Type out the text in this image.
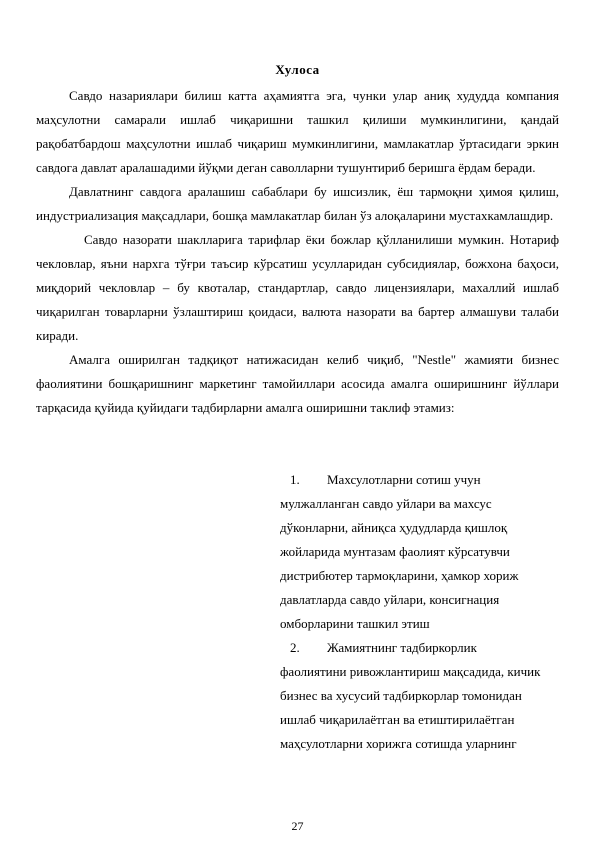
Хулоса

Савдо назариялари билиш катта аҳамиятга эга, чунки улар аниқ худудда компания маҳсулотни самарали ишлаб чиқаришни ташкил қилиши мумкинлигини, қандай рақобатбардош маҳсулотни ишлаб чиқариш мумкинлигини, мамлакатлар ўртасидаги эркин савдога давлат аралашадими йўқми деган саволларни тушунтириб беришга ёрдам беради.

Давлатнинг савдога аралашиш сабаблари бу ишсизлик, ёш тармоқни ҳимоя қилиш, индустриализация мақсадлари, бошқа мамлакатлар билан ўз алоқаларини мустахкамлашдир.

Савдо назорати шаклларига тарифлар ёки божлар қўлланилиши мумкин. Нотариф чекловлар, яъни нархга тўғри таъсир кўрсатиш усулларидан субсидиялар, божхона баҳоси, миқдорий чекловлар – бу квоталар, стандартлар, савдо лицензиялари, махаллий ишлаб чиқарилган товарларни ўзлаштириш қоидаси, валюта назорати ва бартер алмашуви талаби киради.

Амалга оширилган тадқиқот натижасидан келиб чиқиб, "Nestle" жамияти бизнес фаолиятини бошқаришнинг маркетинг тамойиллари асосида амалга оширишнинг йўллари тарқасида қуйида қуйидаги тадбирларни амалга оширишни таклиф этамиз:

1. Махсулотларни сотиш учун
мулжалланган савдо уйлари ва махсус
дўконларни, айниқса ҳудудларда қишлоқ
жойларида мунтазам фаолият кўрсатувчи
дистрибютер тармоқларини, ҳамкор хориж
давлатларда савдо уйлари, консигнация
омборларини ташкил этиш
2. Жамиятнинг тадбиркорлик
фаолиятини ривожлантириш мақсадида, кичик
бизнес ва хусусий тадбиркорлар томонидан
ишлаб чиқарилаётган ва етиштирилаётган
маҳсулотларни хорижга сотишда уларнинг
27
